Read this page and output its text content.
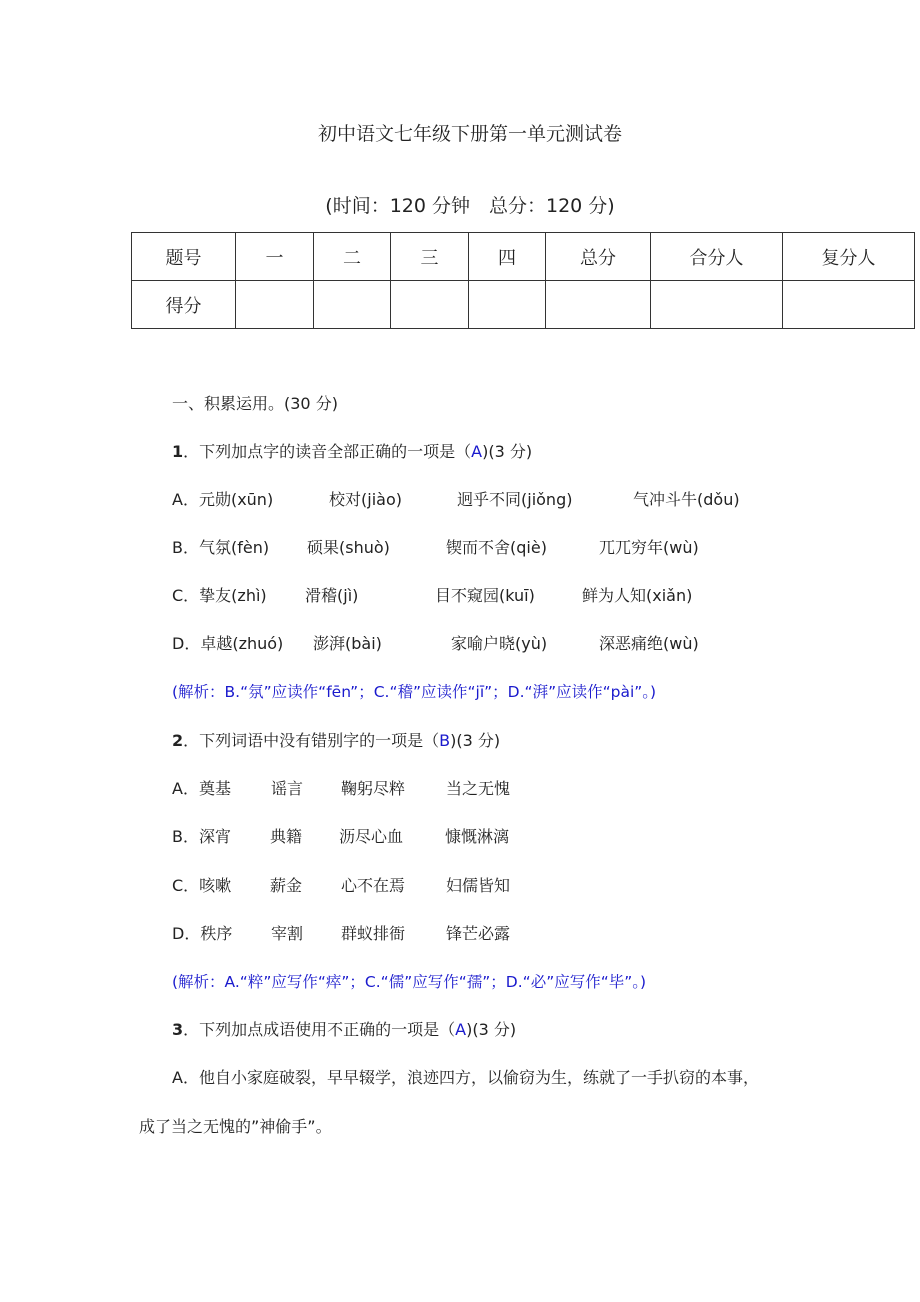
初中语文七年级下册第一单元测试卷
(时间：120 分钟　总分：120 分)
题号	一	二	三	四	总分	合分人	复分人
得分							
一、积累运用。(30 分)
1．下列加点字的读音全部正确的一项是（A)(3 分)
A．元勋(xūn)	校对(jiào)	迥乎不同(jiǒng)	气冲斗牛(dǒu)
B．气氛(fèn) 硕果(shuò)	锲而不舍(qiè)	兀兀穷年(wù)
C．挚友(zhì) 滑稽(jì)	目不窥园(kuī)	鲜为人知(xiǎn)
D．卓越(zhuó) 澎湃(bài)	家喻户晓(yù)	深恶痛绝(wù)
(解析：B.“氛”应读作“fēn”；C.“稽”应读作“jī”；D.“湃”应读作“pài”。)
2．下列词语中没有错别字的一项是（B)(3 分)
A．奠基	谣言 鞠躬尽粹	当之无愧
B．深宵 典籍 沥尽心血	慷慨淋漓
C．咳嗽 薪金 心不在焉	妇儒皆知
D．秩序 宰割 群蚁排衙	锋芒必露
(解析：A.“粹”应写作“瘁”；C.“儒”应写作“孺”；D.“必”应写作“毕”。)
3．下列加点成语使用不正确的一项是（A)(3 分)
A．他自小家庭破裂，早早辍学，浪迹四方，以偷窃为生，练就了一手扒窃的本事，
成了当之无愧的”神偷手”。
